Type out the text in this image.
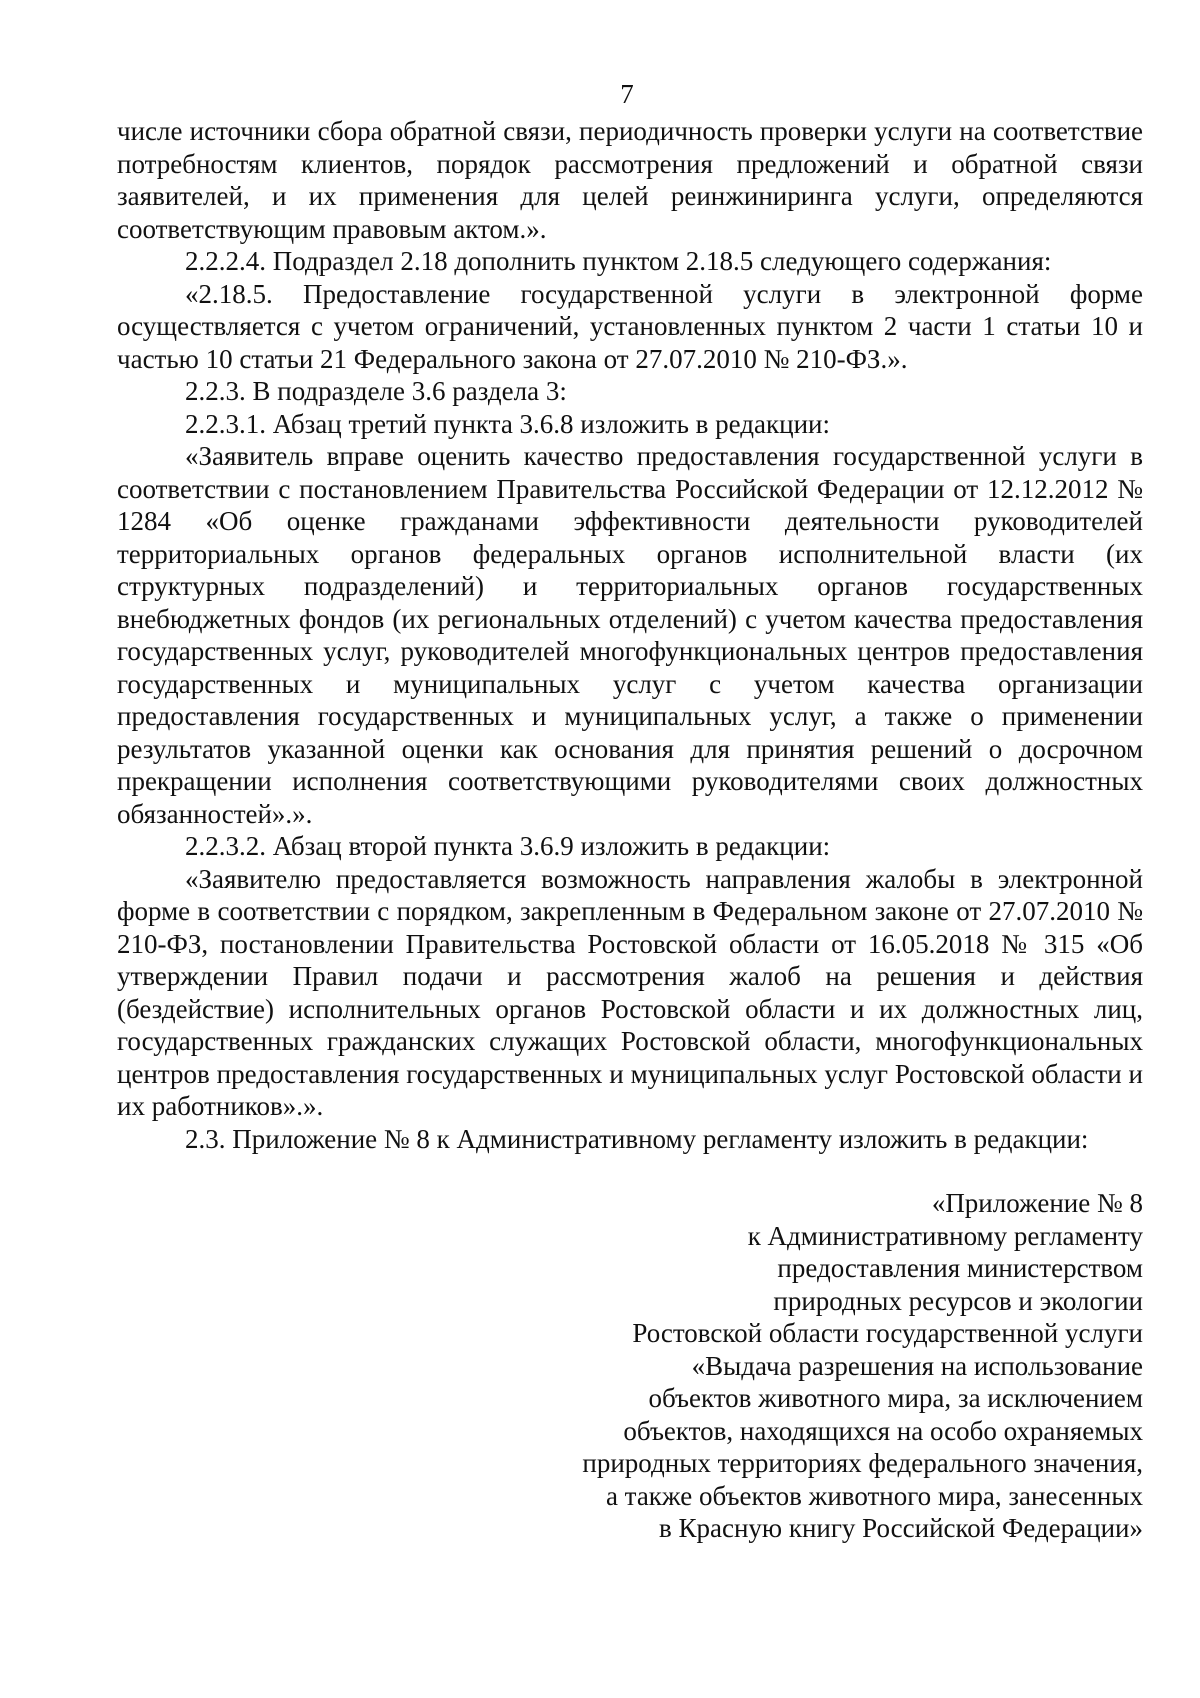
7

числе источники сбора обратной связи, периодичность проверки услуги на соответствие потребностям клиентов, порядок рассмотрения предложений и обратной связи заявителей, и их применения для целей реинжиниринга услуги, определяются соответствующим правовым актом.».

2.2.2.4. Подраздел 2.18 дополнить пунктом 2.18.5 следующего содержания:

«2.18.5. Предоставление государственной услуги в электронной форме осуществляется с учетом ограничений, установленных пунктом 2 части 1 статьи 10 и частью 10 статьи 21 Федерального закона от 27.07.2010 № 210-ФЗ.».

2.2.3. В подразделе 3.6 раздела 3:

2.2.3.1. Абзац третий пункта 3.6.8 изложить в редакции:

«Заявитель вправе оценить качество предоставления государственной услуги в соответствии с постановлением Правительства Российской Федерации от 12.12.2012 № 1284 «Об оценке гражданами эффективности деятельности руководителей территориальных органов федеральных органов исполнительной власти (их структурных подразделений) и территориальных органов государственных внебюджетных фондов (их региональных отделений) с учетом качества предоставления государственных услуг, руководителей многофункциональных центров предоставления государственных и муниципальных услуг с учетом качества организации предоставления государственных и муниципальных услуг, а также о применении результатов указанной оценки как основания для принятия решений о досрочном прекращении исполнения соответствующими руководителями своих должностных обязанностей».».

2.2.3.2. Абзац второй пункта 3.6.9 изложить в редакции:

«Заявителю предоставляется возможность направления жалобы в электронной форме в соответствии с порядком, закрепленным в Федеральном законе от 27.07.2010 № 210-ФЗ, постановлении Правительства Ростовской области от 16.05.2018 № 315 «Об утверждении Правил подачи и рассмотрения жалоб на решения и действия (бездействие) исполнительных органов Ростовской области и их должностных лиц, государственных гражданских служащих Ростовской области, многофункциональных центров предоставления государственных и муниципальных услуг Ростовской области и их работников».».

2.3. Приложение № 8 к Административному регламенту изложить в редакции:

«Приложение № 8
к Административному регламенту
предоставления министерством
природных ресурсов и экологии
Ростовской области государственной услуги
«Выдача разрешения на использование
объектов животного мира, за исключением
объектов, находящихся на особо охраняемых
природных территориях федерального значения,
а также объектов животного мира, занесенных
в Красную книгу Российской Федерации»
